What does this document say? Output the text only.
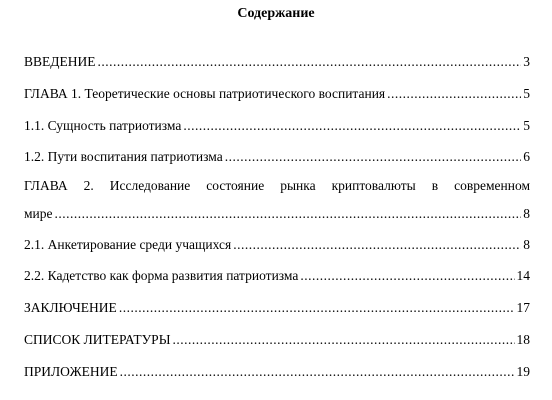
Содержание
ВВЕДЕНИЕ .....	3
ГЛАВА 1. Теоретические основы патриотического воспитания .....	5
1.1. Сущность патриотизма .....	5
1.2. Пути воспитания патриотизма .....	6
ГЛАВА 2. Исследование состояние рынка криптовалюты в современном
мире .....	8
2.1. Анкетирование среди учащихся .....	8
2.2. Кадетство как форма развития патриотизма .....	14
ЗАКЛЮЧЕНИЕ .....	17
СПИСОК ЛИТЕРАТУРЫ .....	18
ПРИЛОЖЕНИЕ .....	19
